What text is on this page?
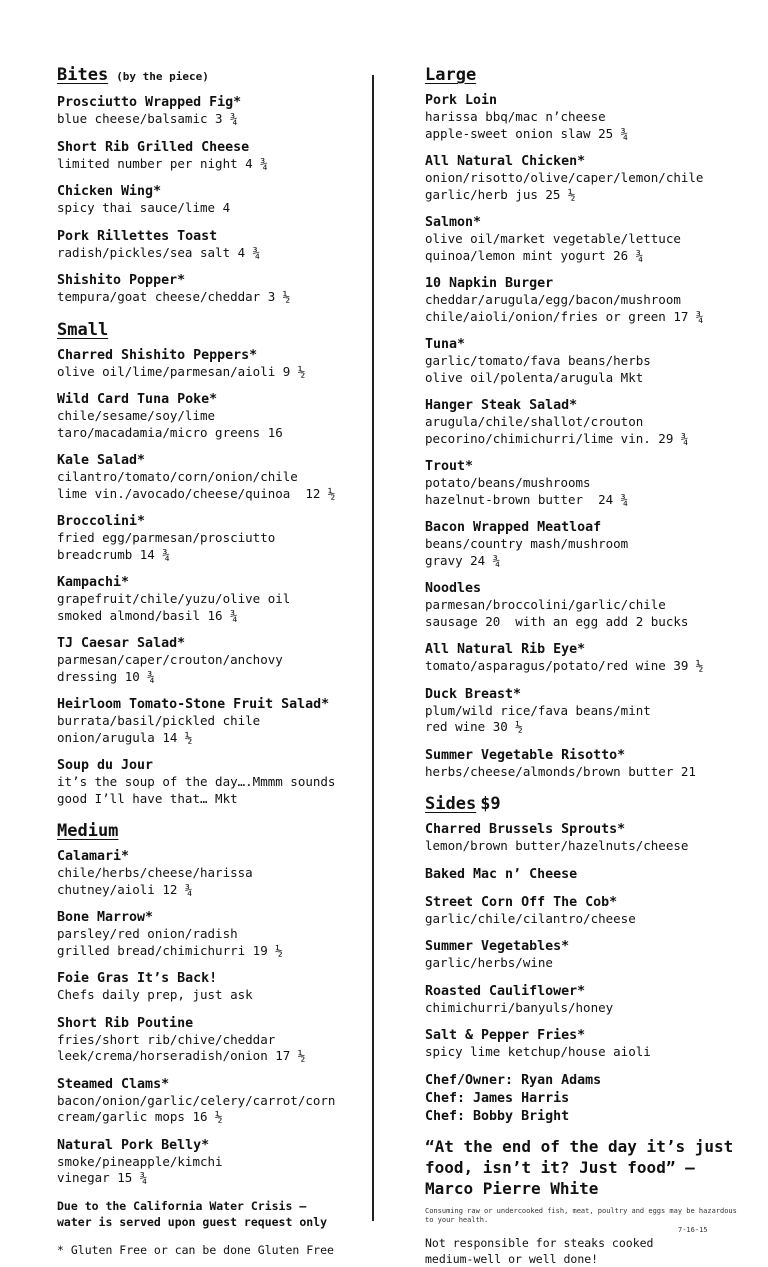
Bites (by the piece)
Prosciutto Wrapped Fig*
blue cheese/balsamic 3 ¾
Short Rib Grilled Cheese
limited number per night 4 ¾
Chicken Wing*
spicy thai sauce/lime 4
Pork Rillettes Toast
radish/pickles/sea salt 4 ¾
Shishito Popper*
tempura/goat cheese/cheddar 3 ½
Small
Charred Shishito Peppers*
olive oil/lime/parmesan/aioli 9 ½
Wild Card Tuna Poke*
chile/sesame/soy/lime
taro/macadamia/micro greens 16
Kale Salad*
cilantro/tomato/corn/onion/chile
lime vin./avocado/cheese/quinoa  12 ½
Broccolini*
fried egg/parmesan/prosciutto
breadcrumb 14 ¾
Kampachi*
grapefruit/chile/yuzu/olive oil
smoked almond/basil 16 ¾
TJ Caesar Salad*
parmesan/caper/crouton/anchovy
dressing 10 ¾
Heirloom Tomato-Stone Fruit Salad*
burrata/basil/pickled chile
onion/arugula 14 ½
Soup du Jour
it’s the soup of the day….Mmmm sounds
good I’ll have that… Mkt
Medium
Calamari*
chile/herbs/cheese/harissa
chutney/aioli 12 ¾
Bone Marrow*
parsley/red onion/radish
grilled bread/chimichurri 19 ½
Foie Gras It’s Back!
Chefs daily prep, just ask
Short Rib Poutine
fries/short rib/chive/cheddar
leek/crema/horseradish/onion 17 ½
Steamed Clams*
bacon/onion/garlic/celery/carrot/corn
cream/garlic mops 16 ½
Natural Pork Belly*
smoke/pineapple/kimchi
vinegar 15 ¾
Due to the California Water Crisis –
water is served upon guest request only
* Gluten Free or can be done Gluten Free
Large
Pork Loin
harissa bbq/mac n’cheese
apple-sweet onion slaw 25 ¾
All Natural Chicken*
onion/risotto/olive/caper/lemon/chile
garlic/herb jus 25 ½
Salmon*
olive oil/market vegetable/lettuce
quinoa/lemon mint yogurt 26 ¾
10 Napkin Burger
cheddar/arugula/egg/bacon/mushroom
chile/aioli/onion/fries or green 17 ¾
Tuna*
garlic/tomato/fava beans/herbs
olive oil/polenta/arugula Mkt
Hanger Steak Salad*
arugula/chile/shallot/crouton
pecorino/chimichurri/lime vin. 29 ¾
Trout*
potato/beans/mushrooms
hazelnut-brown butter  24 ¾
Bacon Wrapped Meatloaf
beans/country mash/mushroom
gravy 24 ¾
Noodles
parmesan/broccolini/garlic/chile
sausage 20  with an egg add 2 bucks
All Natural Rib Eye*
tomato/asparagus/potato/red wine 39 ½
Duck Breast*
plum/wild rice/fava beans/mint
red wine 30 ½
Summer Vegetable Risotto*
herbs/cheese/almonds/brown butter 21
Sides $9
Charred Brussels Sprouts*
lemon/brown butter/hazelnuts/cheese
Baked Mac n’ Cheese
Street Corn Off The Cob*
garlic/chile/cilantro/cheese
Summer Vegetables*
garlic/herbs/wine
Roasted Cauliflower*
chimichurri/banyuls/honey
Salt & Pepper Fries*
spicy lime ketchup/house aioli
Chef/Owner: Ryan Adams
Chef: James Harris
Chef: Bobby Bright
“At the end of the day it’s just food, isn’t it? Just food” – Marco Pierre White
Consuming raw or undercooked fish, meat, poultry and eggs may be hazardous to your health.
Not responsible for steaks cooked
medium-well or well done!
7-16-15
